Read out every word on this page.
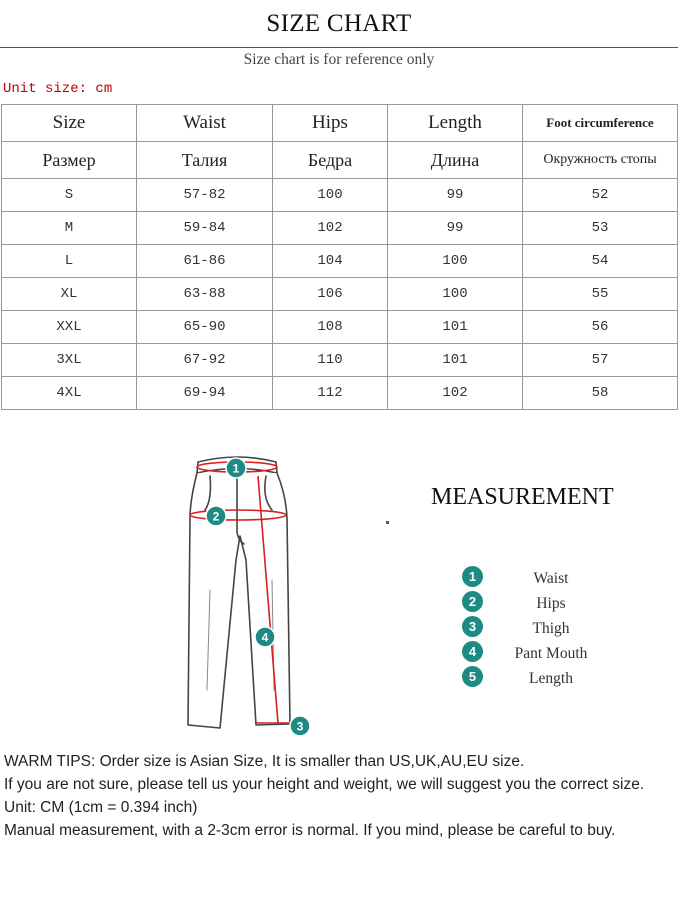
SIZE CHART
Size chart is for reference only
Unit size: cm
Size	Waist	Hips	Length	Foot circumference
Размер	Талия	Бедра	Длина	Окружность стопы
S	57-82	100	99	52
M	59-84	102	99	53
L	61-86	104	100	54
XL	63-88	106	100	55
XXL	65-90	108	101	56
3XL	67-92	110	101	57
4XL	69-94	112	102	58
1
2
4
3
MEASUREMENT
1	Waist
2	Hips
3	Thigh
4	Pant Mouth
5	Length

WARM TIPS: Order size is Asian Size, It is smaller than US,UK,AU,EU size.

If you are not sure, please tell us your height and weight, we will suggest you the correct size.

Unit: CM (1cm = 0.394 inch)

Manual measurement, with a 2-3cm error is normal. If you mind, please be careful to buy.
